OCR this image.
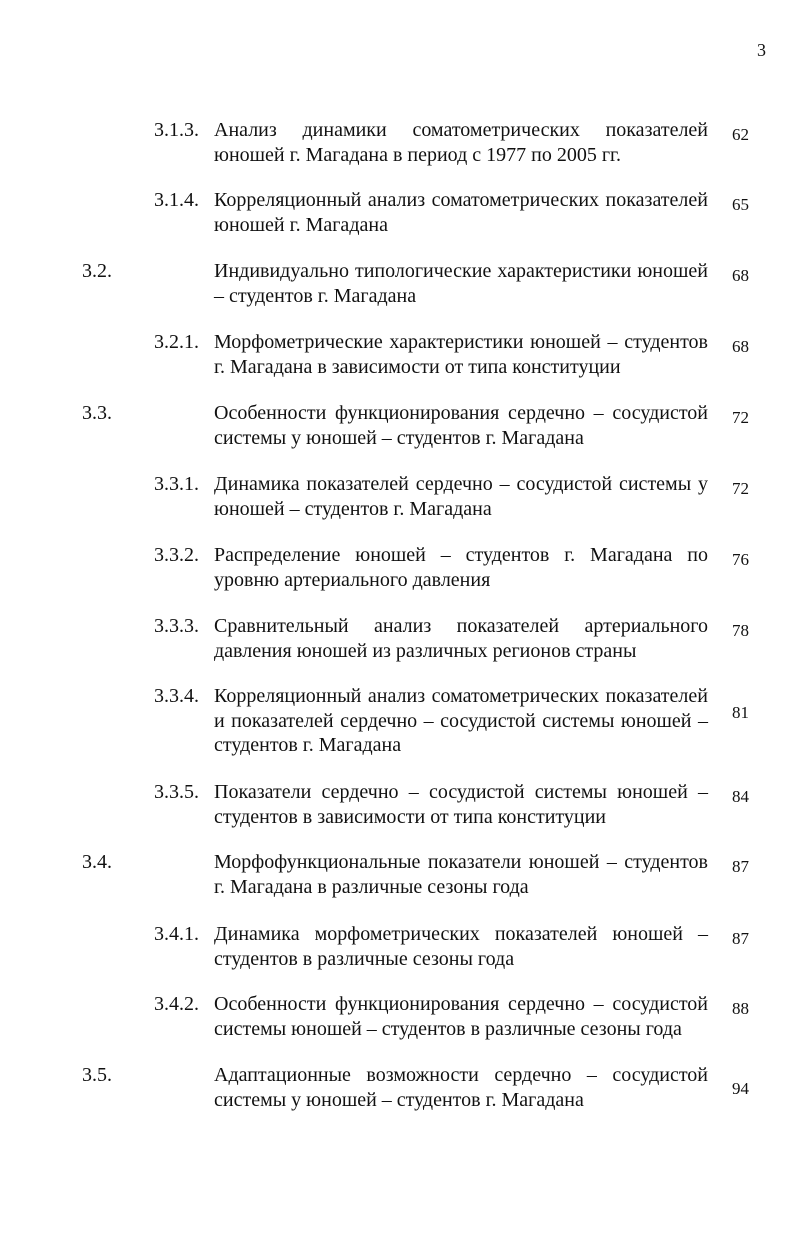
3
3.1.3. Анализ динамики соматометрических показателей
юношей г. Магадана в период с 1977 по 2005 гг.
62
3.1.4. Корреляционный анализ соматометрических показателей
юношей г. Магадана
65
3.2.	Индивидуально типологические характеристики юношей
– студентов г. Магадана
68
3.2.1. Морфометрические характеристики юношей – студентов
г. Магадана в зависимости от типа конституции
68
3.3.	Особенности функционирования сердечно – сосудистой
системы у юношей – студентов г. Магадана
72
3.3.1. Динамика показателей сердечно – сосудистой системы у
юношей – студентов г. Магадана
72
3.3.2. Распределение юношей – студентов г. Магадана по
уровню артериального давления
76
3.3.3. Сравнительный анализ показателей артериального
давления юношей из различных регионов страны
78
3.3.4. Корреляционный анализ соматометрических показателей
и показателей сердечно – сосудистой системы юношей –
студентов г. Магадана
81
3.3.5. Показатели сердечно – сосудистой системы юношей –
студентов в зависимости от типа конституции
84
3.4.	Морфофункциональные показатели юношей – студентов
г. Магадана в различные сезоны года
87
3.4.1. Динамика морфометрических показателей юношей –
студентов в различные сезоны года
87
3.4.2. Особенности функционирования сердечно – сосудистой
системы юношей – студентов в различные сезоны года
88
3.5.	Адаптационные возможности сердечно – сосудистой
системы у юношей – студентов г. Магадана	94
